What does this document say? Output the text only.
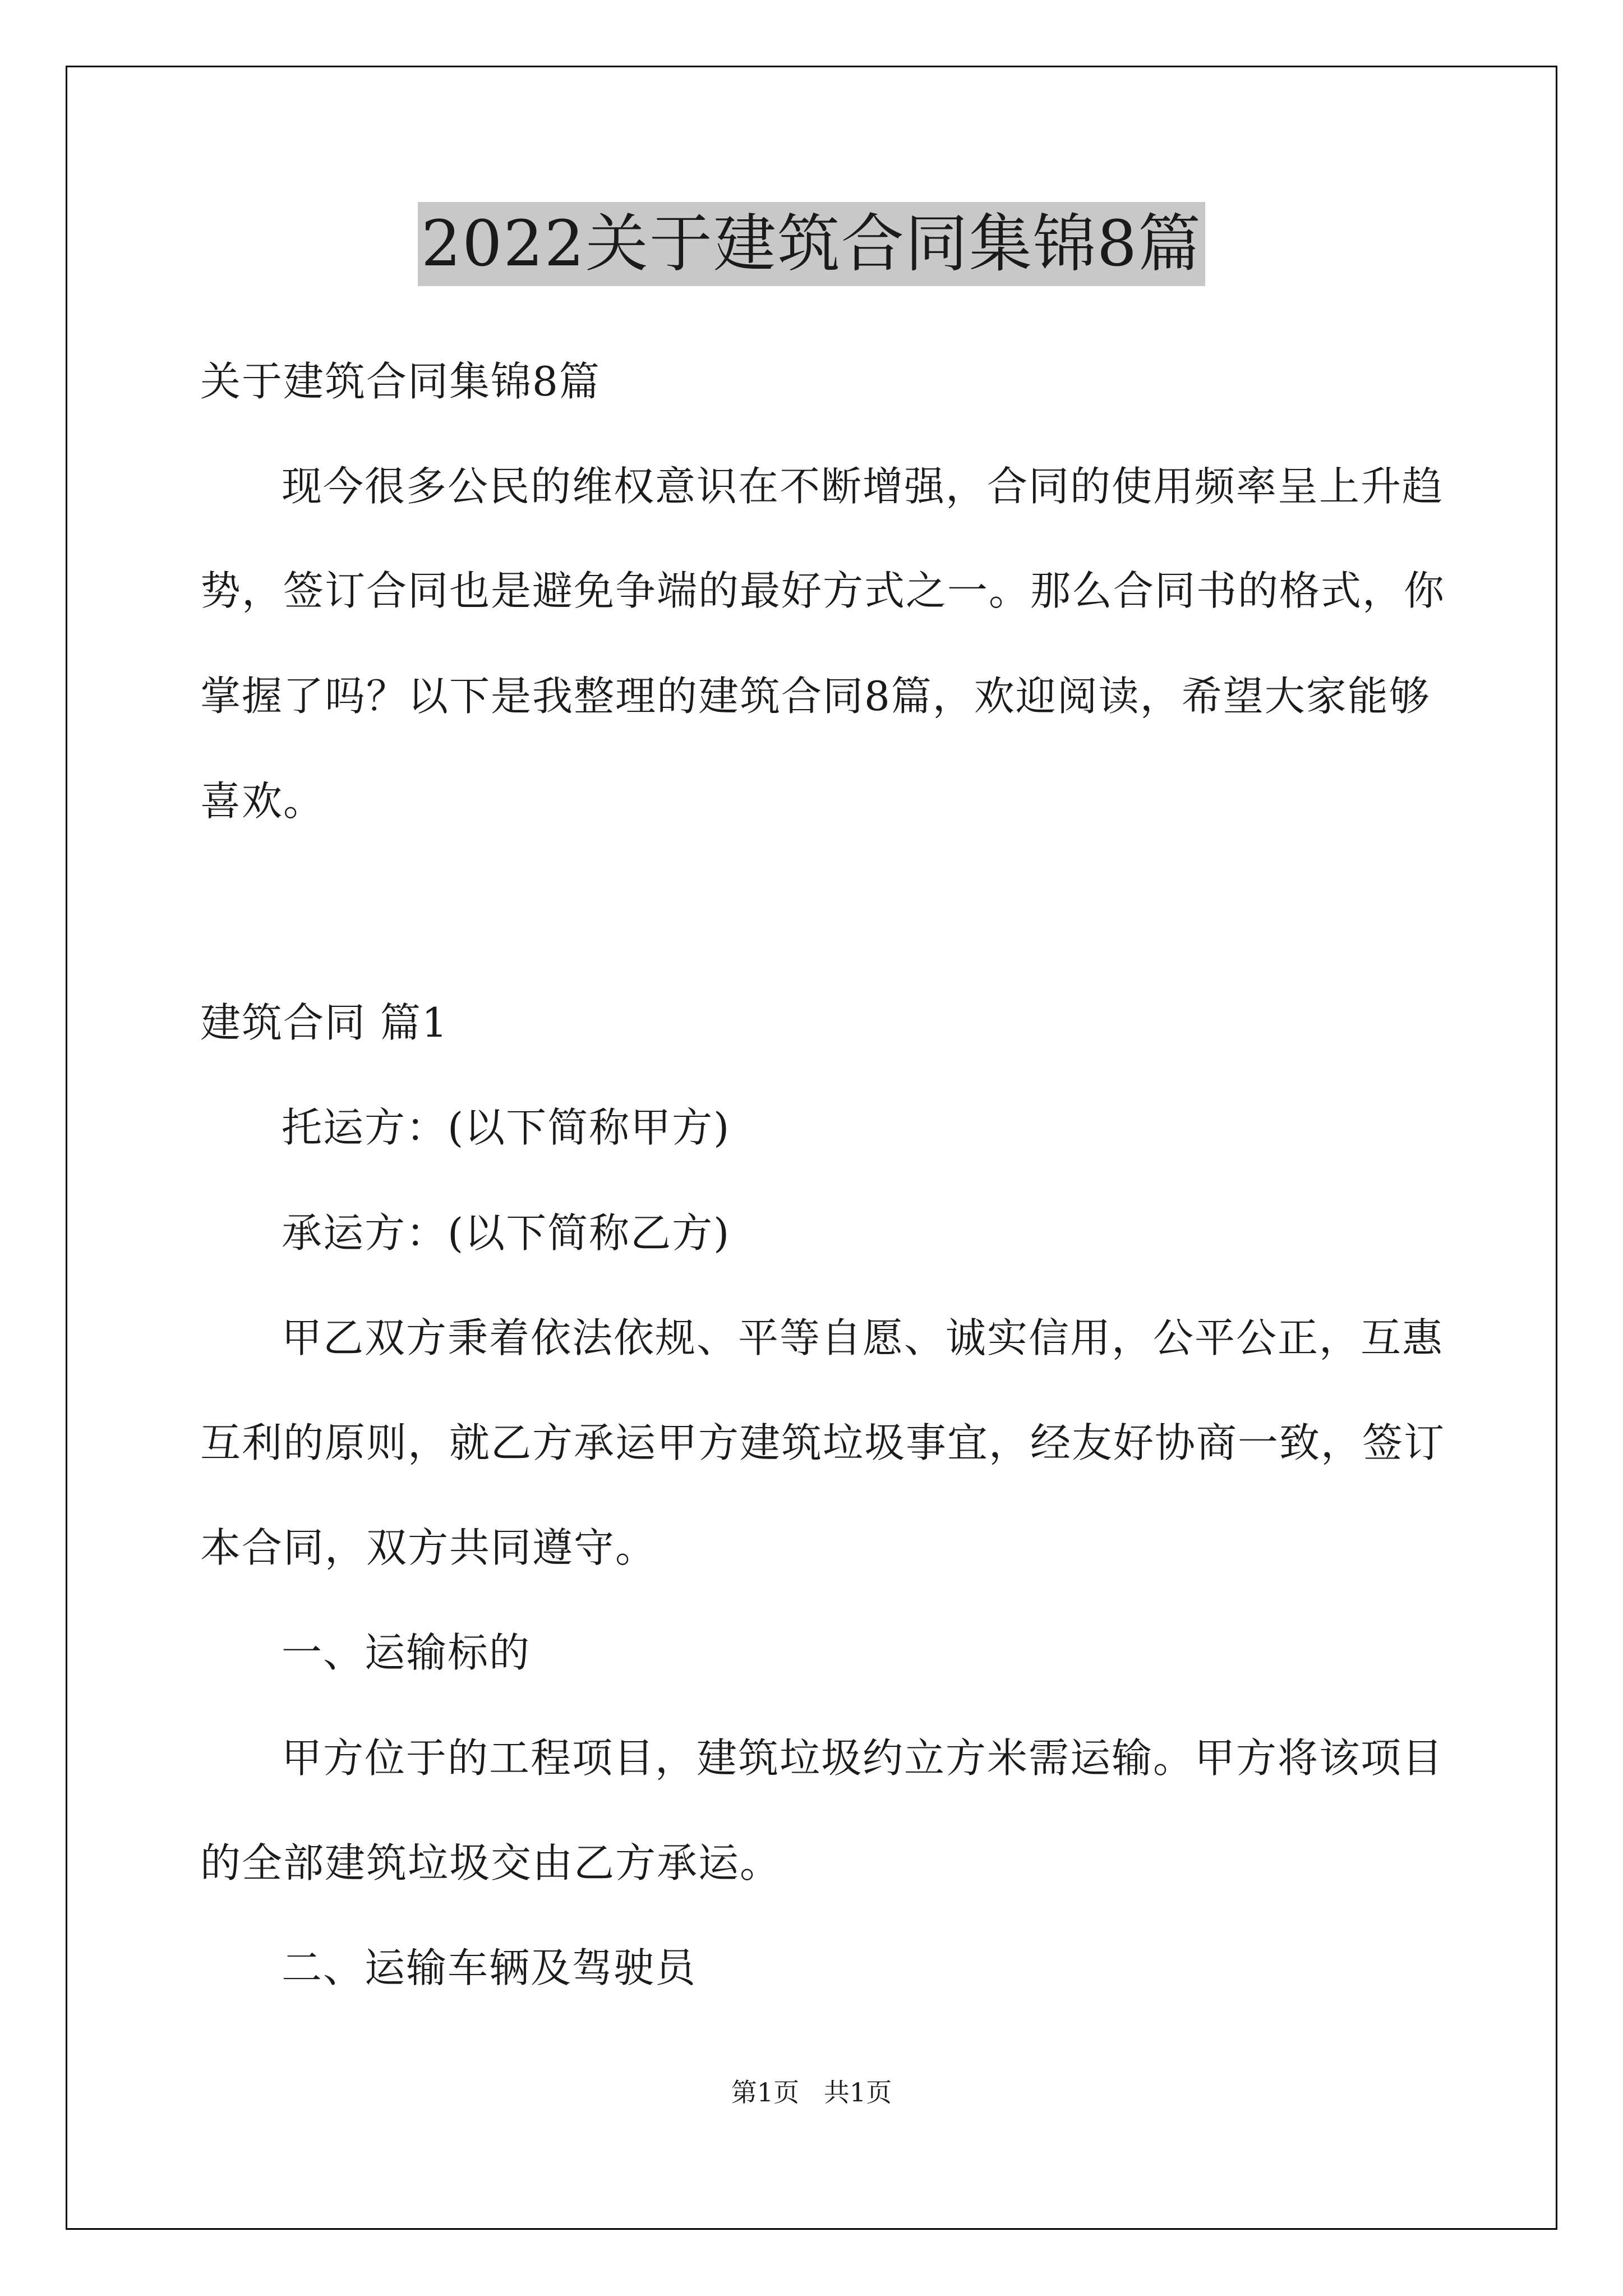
2022关于建筑合同集锦8篇
关于建筑合同集锦8篇
现今很多公民的维权意识在不断增强，合同的使用频率呈上升趋
势，签订合同也是避免争端的最好方式之一。那么合同书的格式，你
掌握了吗？以下是我整理的建筑合同8篇，欢迎阅读，希望大家能够
喜欢。
建筑合同 篇1
托运方：(以下简称甲方)
承运方：(以下简称乙方)
甲乙双方秉着依法依规、平等自愿、诚实信用，公平公正，互惠
互利的原则，就乙方承运甲方建筑垃圾事宜，经友好协商一致，签订
本合同，双方共同遵守。
一、运输标的
甲方位于的工程项目，建筑垃圾约立方米需运输。甲方将该项目
的全部建筑垃圾交由乙方承运。
二、运输车辆及驾驶员
第1页   共1页
